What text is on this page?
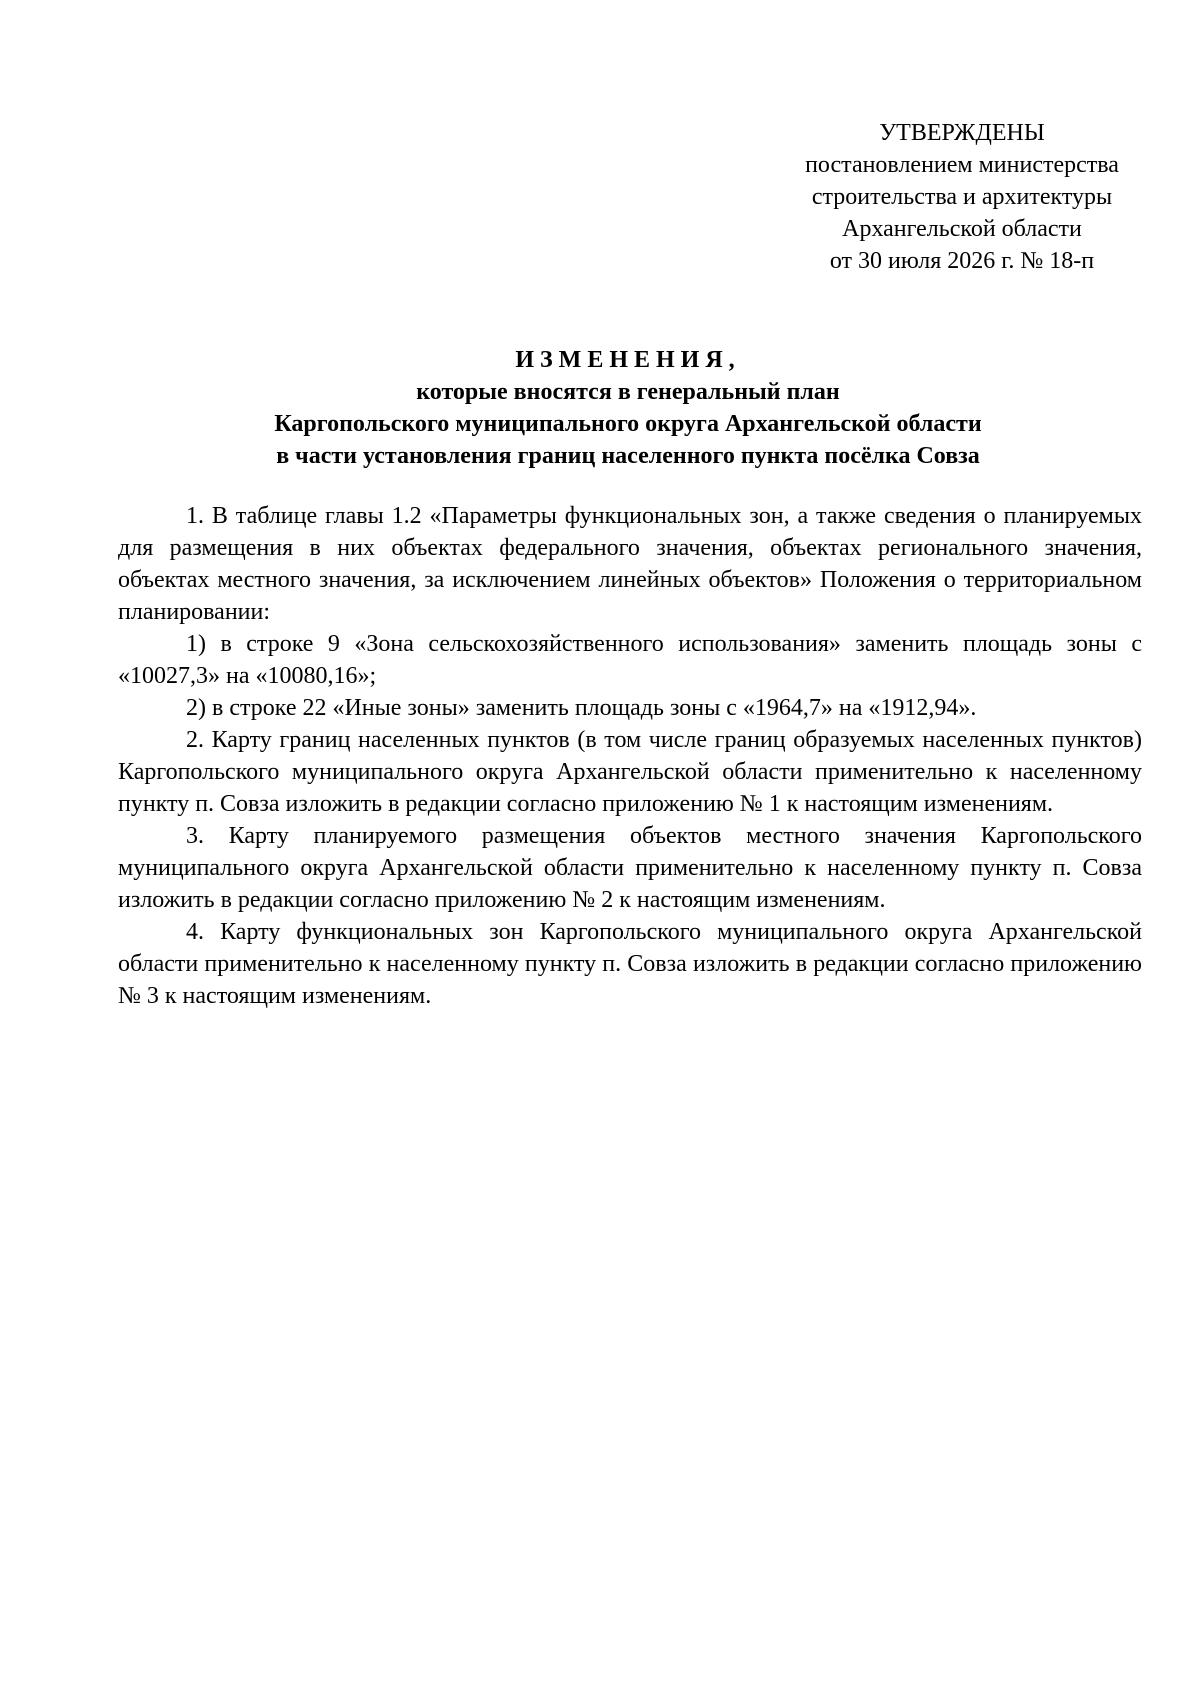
УТВЕРЖДЕНЫ
постановлением министерства
строительства и архитектуры
Архангельской области
от 30 июля 2026 г. № 18-п
ИЗМЕНЕНИЯ,
которые вносятся в генеральный план
Каргопольского муниципального округа Архангельской области
в части установления границ населенного пункта посёлка Совза

1. В таблице главы 1.2 «Параметры функциональных зон, а также сведения о планируемых для размещения в них объектах федерального значения, объектах регионального значения, объектах местного значения, за исключением линейных объектов» Положения о территориальном планировании:

1) в строке 9 «Зона сельскохозяйственного использования» заменить площадь зоны с «10027,3» на «10080,16»;

2) в строке 22 «Иные зоны» заменить площадь зоны с «1964,7» на «1912,94».

2. Карту границ населенных пунктов (в том числе границ образуемых населенных пунктов) Каргопольского муниципального округа Архангельской области применительно к населенному пункту п. Совза изложить в редакции согласно приложению № 1 к настоящим изменениям.

3. Карту планируемого размещения объектов местного значения Каргопольского муниципального округа Архангельской области применительно к населенному пункту п. Совза изложить в редакции согласно приложению № 2 к настоящим изменениям.

4. Карту функциональных зон Каргопольского муниципального округа Архангельской области применительно к населенному пункту п. Совза изложить в редакции согласно приложению № 3 к настоящим изменениям.
